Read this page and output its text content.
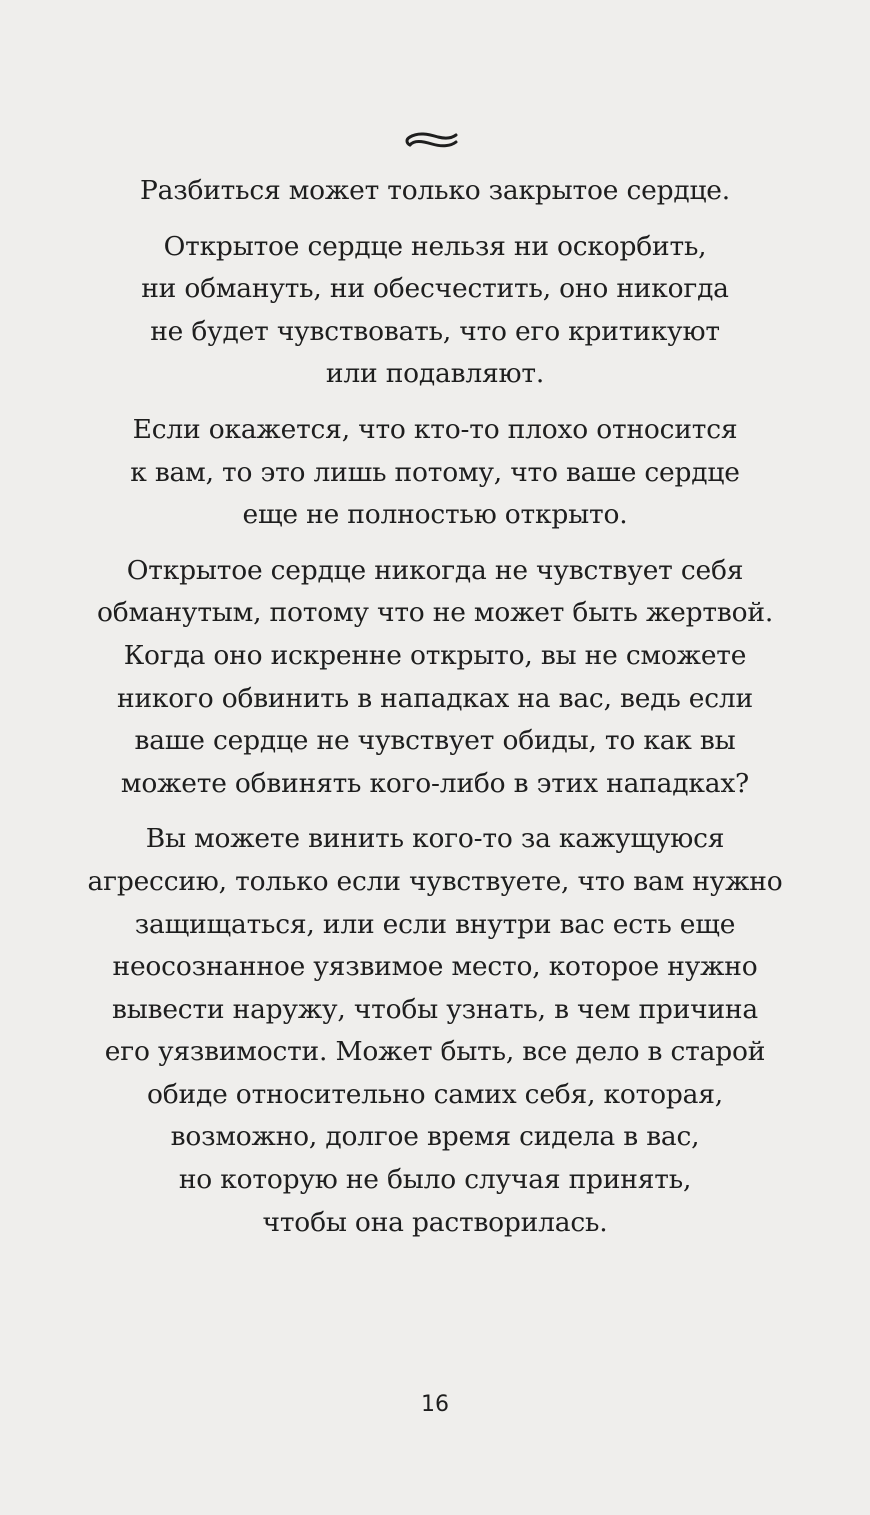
Разбиться может только закрытое сердце.

Открытое сердце нельзя ни оскорбить,
ни обмануть, ни обесчестить, оно никогда
не будет чувствовать, что его критикуют
или подавляют.

Если окажется, что кто-то плохо относится
к вам, то это лишь потому, что ваше сердце
еще не полностью открыто.

Открытое сердце никогда не чувствует себя
обманутым, потому что не может быть жертвой.
Когда оно искренне открыто, вы не сможете
никого обвинить в нападках на вас, ведь если
ваше сердце не чувствует обиды, то как вы
можете обвинять кого-либо в этих нападках?

Вы можете винить кого-то за кажущуюся
агрессию, только если чувствуете, что вам нужно
защищаться, или если внутри вас есть еще
неосознанное уязвимое место, которое нужно
вывести наружу, чтобы узнать, в чем причина
его уязвимости. Может быть, все дело в старой
обиде относительно самих себя, которая,
возможно, долгое время сидела в вас,
но которую не было случая принять,
чтобы она растворилась.

16
